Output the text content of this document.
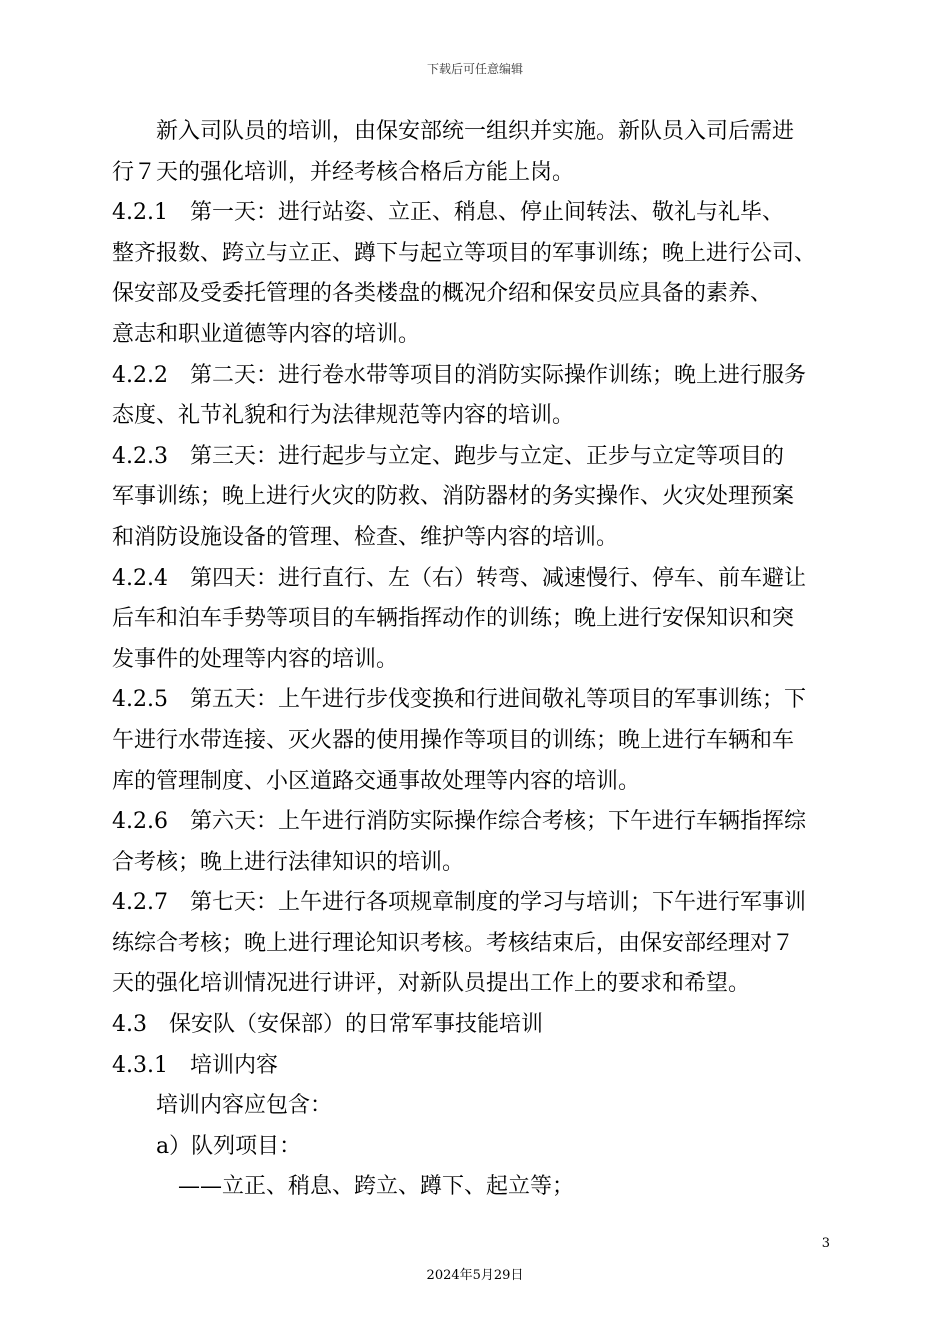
下载后可任意编辑
新入司队员的培训，由保安部统一组织并实施。新队员入司后需进
行７天的强化培训，并经考核合格后方能上岗。
4.2.1　第一天：进行站姿、立正、稍息、停止间转法、敬礼与礼毕、
整齐报数、跨立与立正、蹲下与起立等项目的军事训练；晚上进行公司、
保安部及受委托管理的各类楼盘的概况介绍和保安员应具备的素养、
意志和职业道德等内容的培训。
4.2.2　第二天：进行卷水带等项目的消防实际操作训练；晚上进行服务
态度、礼节礼貌和行为法律规范等内容的培训。
4.2.3　第三天：进行起步与立定、跑步与立定、正步与立定等项目的
军事训练；晚上进行火灾的防救、消防器材的务实操作、火灾处理预案
和消防设施设备的管理、检查、维护等内容的培训。
4.2.4　第四天：进行直行、左（右）转弯、减速慢行、停车、前车避让
后车和泊车手势等项目的车辆指挥动作的训练；晚上进行安保知识和突
发事件的处理等内容的培训。
4.2.5　第五天：上午进行步伐变换和行进间敬礼等项目的军事训练；下
午进行水带连接、灭火器的使用操作等项目的训练；晚上进行车辆和车
库的管理制度、小区道路交通事故处理等内容的培训。
4.2.6　第六天：上午进行消防实际操作综合考核；下午进行车辆指挥综
合考核；晚上进行法律知识的培训。
4.2.7　第七天：上午进行各项规章制度的学习与培训；下午进行军事训
练综合考核；晚上进行理论知识考核。考核结束后，由保安部经理对７
天的强化培训情况进行讲评，对新队员提出工作上的要求和希望。
4.3　保安队（安保部）的日常军事技能培训
4.3.1　培训内容
培训内容应包含：
a）队列项目：
——立正、稍息、跨立、蹲下、起立等；
3
2024年5月29日
